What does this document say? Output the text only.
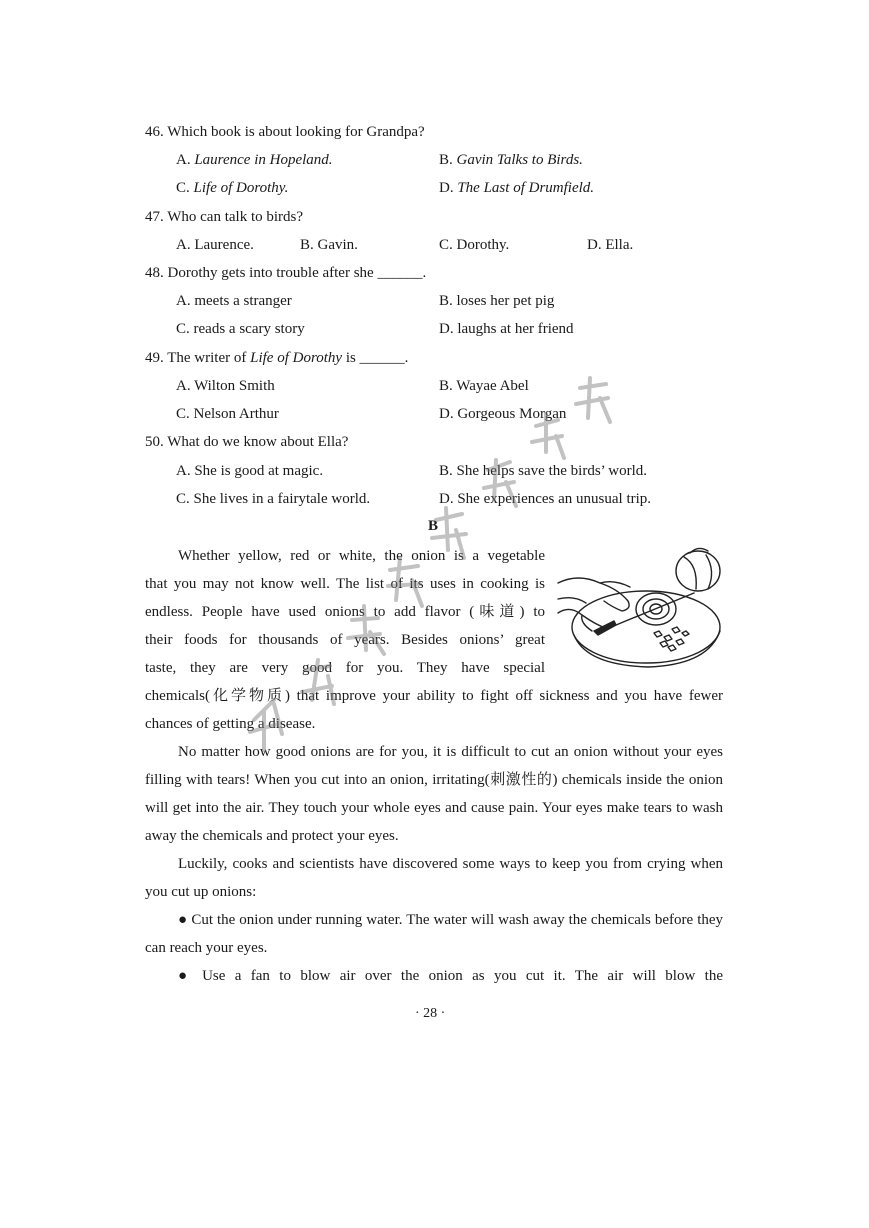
46. Which book is about looking for Grandpa?
A. Laurence in Hopeland.	B. Gavin Talks to Birds.
C. Life of Dorothy.	D. The Last of Drumfield.
47. Who can talk to birds?
A. Laurence.	B. Gavin.	C. Dorothy.	D. Ella.
48. Dorothy gets into trouble after she ______.
A. meets a stranger	B. loses her pet pig
C. reads a scary story	D. laughs at her friend
49. The writer of Life of Dorothy is ______.
A. Wilton Smith	B. Wayae Abel
C. Nelson Arthur	D. Gorgeous Morgan
50. What do we know about Ella?
A. She is good at magic.	B. She helps save the birds’ world.
C. She lives in a fairytale world.	D. She experiences an unusual trip.
B
Whether yellow, red or white, the onion is a vegetable
that you may not know well. The list of its uses in cooking is
endless. People have used onions to add flavor (味道) to
their foods for thousands of years. Besides onions’ great
taste, they are very good for you. They have special
chemicals(化学物质) that improve your ability to fight off sickness and you have fewer chances of getting a disease.
No matter how good onions are for you, it is difficult to cut an onion without your eyes filling with tears! When you cut into an onion, irritating(刺激性的) chemicals inside the onion will get into the air. They touch your whole eyes and cause pain. Your eyes make tears to wash away the chemicals and protect your eyes.
Luckily, cooks and scientists have discovered some ways to keep you from crying when you cut up onions:
● Cut the onion under running water. The water will wash away the chemicals before they can reach your eyes.
● Use a fan to blow air over the onion as you cut it. The air will blow the
· 28 ·
